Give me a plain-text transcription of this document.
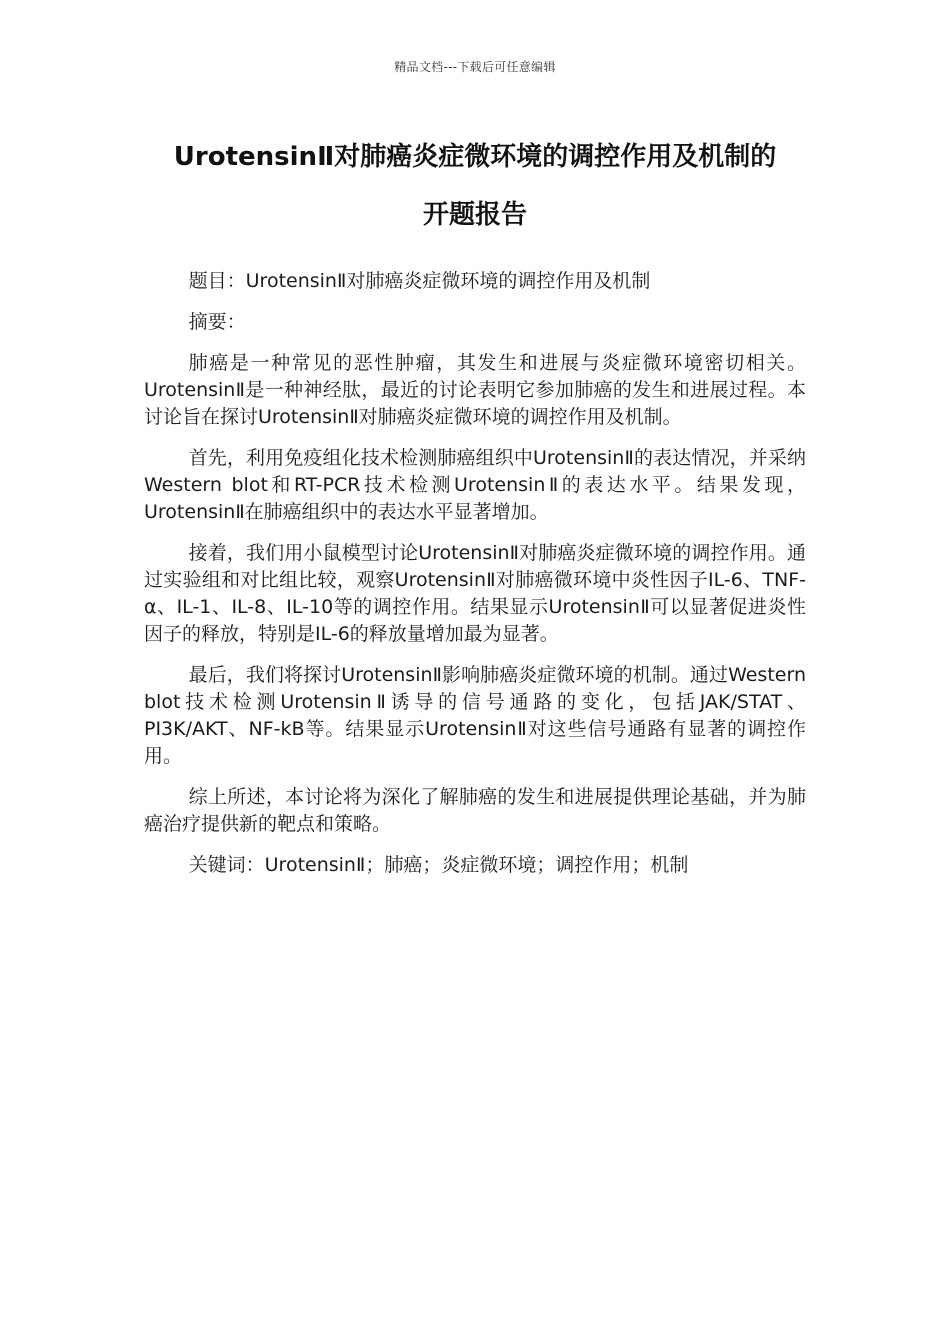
精品文档---下载后可任意编辑
UrotensinⅡ对肺癌炎症微环境的调控作用及机制的
开题报告

题目：UrotensinⅡ对肺癌炎症微环境的调控作用及机制

摘要：

肺癌是一种常见的恶性肿瘤，其发生和进展与炎症微环境密切相关。UrotensinⅡ是一种神经肽，最近的讨论表明它参加肺癌的发生和进展过程。本讨论旨在探讨UrotensinⅡ对肺癌炎症微环境的调控作用及机制。

首先，利用免疫组化技术检测肺癌组织中UrotensinⅡ的表达情况，并采纳Western blot和RT-PCR技术检测UrotensinⅡ的表达水平。结果发现，UrotensinⅡ在肺癌组织中的表达水平显著增加。

接着，我们用小鼠模型讨论UrotensinⅡ对肺癌炎症微环境的调控作用。通过实验组和对比组比较，观察UrotensinⅡ对肺癌微环境中炎性因子IL-6、TNF-α、IL-1、IL-8、IL-10等的调控作用。结果显示UrotensinⅡ可以显著促进炎性因子的释放，特别是IL-6的释放量增加最为显著。

最后，我们将探讨UrotensinⅡ影响肺癌炎症微环境的机制。通过Western blot技术检测UrotensinⅡ诱导的信号通路的变化，包括JAK/STAT、PI3K/AKT、NF-kB等。结果显示UrotensinⅡ对这些信号通路有显著的调控作用。

综上所述，本讨论将为深化了解肺癌的发生和进展提供理论基础，并为肺癌治疗提供新的靶点和策略。

关键词：UrotensinⅡ；肺癌；炎症微环境；调控作用；机制
